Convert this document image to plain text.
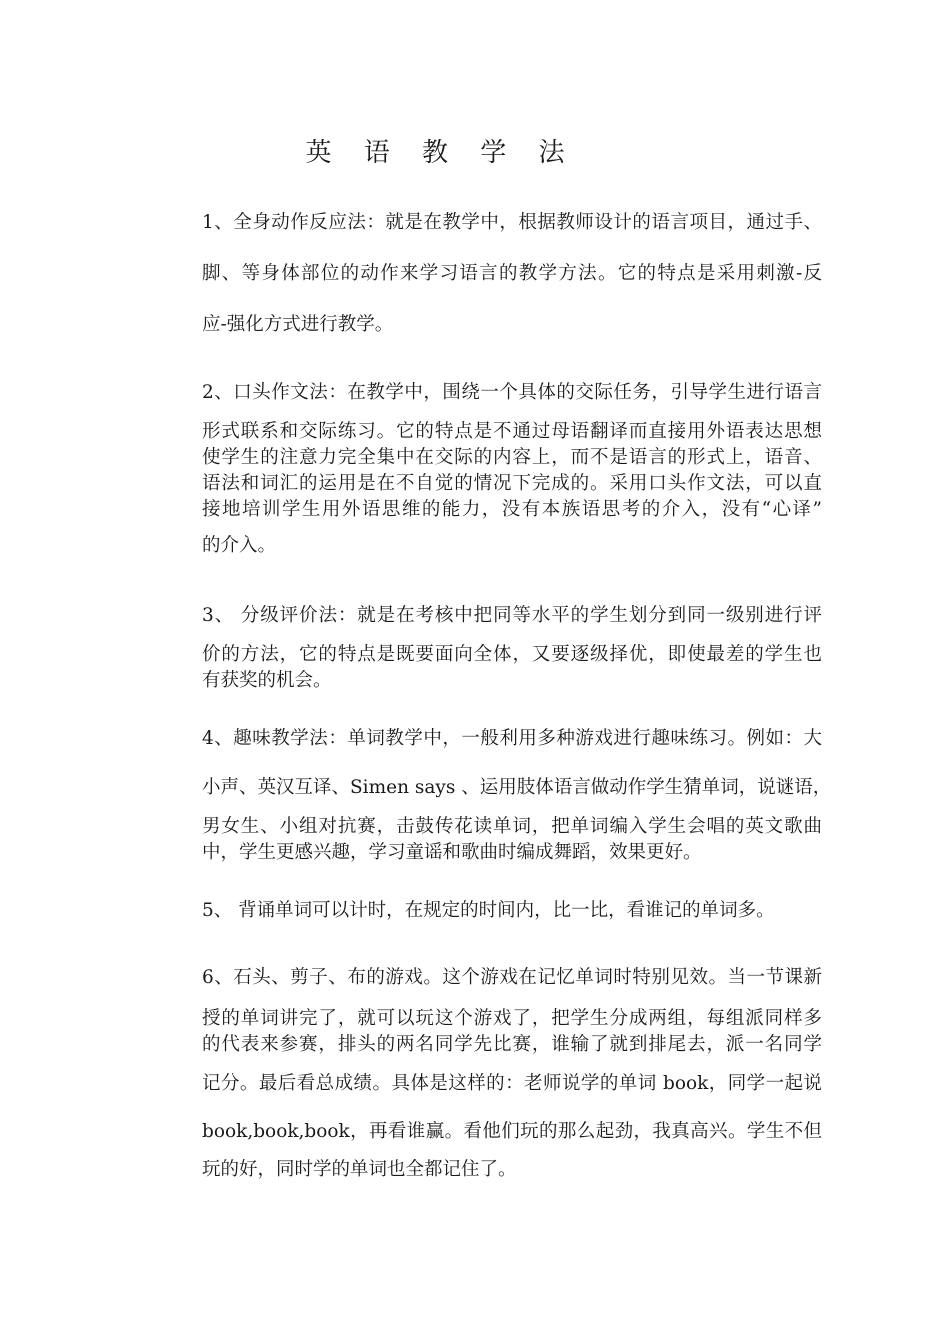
英 语 教 学 法

1、全身动作反应法：就是在教学中，根据教师设计的语言项目，通过手、

脚、等身体部位的动作来学习语言的教学方法。它的特点是采用刺激-反

应-强化方式进行教学。

2、口头作文法：在教学中，围绕一个具体的交际任务，引导学生进行语言

形式联系和交际练习。它的特点是不通过母语翻译而直接用外语表达思想

使学生的注意力完全集中在交际的内容上，而不是语言的形式上，语音、

语法和词汇的运用是在不自觉的情况下完成的。采用口头作文法，可以直

接地培训学生用外语思维的能力，没有本族语思考的介入，没有“心译”

的介入。

3、 分级评价法：就是在考核中把同等水平的学生划分到同一级别进行评

价的方法，它的特点是既要面向全体，又要逐级择优，即使最差的学生也

有获奖的机会。

4、趣味教学法：单词教学中，一般利用多种游戏进行趣味练习。例如：大

小声、英汉互译、Simen says 、运用肢体语言做动作学生猜单词，说谜语，

男女生、小组对抗赛，击鼓传花读单词，把单词编入学生会唱的英文歌曲

中，学生更感兴趣，学习童谣和歌曲时编成舞蹈，效果更好。

5、 背诵单词可以计时，在规定的时间内，比一比，看谁记的单词多。

6、石头、剪子、布的游戏。这个游戏在记忆单词时特别见效。当一节课新

授的单词讲完了，就可以玩这个游戏了，把学生分成两组，每组派同样多

的代表来参赛，排头的两名同学先比赛，谁输了就到排尾去，派一名同学

记分。最后看总成绩。具体是这样的：老师说学的单词 book，同学一起说

book,book,book，再看谁赢。看他们玩的那么起劲，我真高兴。学生不但

玩的好，同时学的单词也全都记住了。
